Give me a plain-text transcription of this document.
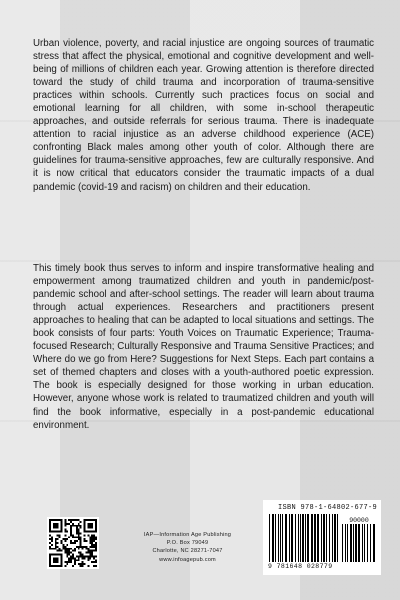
Urban violence, poverty, and racial injustice are ongoing sources of traumatic stress that affect the physical, emotional and cognitive development and well-being of millions of children each year. Growing attention is therefore directed toward the study of child trauma and incorporation of trauma-sensitive practices within schools. Currently such practices focus on social and emotional learning for all children, with some in-school therapeutic approaches, and outside referrals for serious trauma. There is inadequate attention to racial injustice as an adverse childhood experience (ACE) confronting Black males among other youth of color. Although there are guidelines for trauma-sensitive approaches, few are culturally responsive. And it is now critical that educators consider the traumatic impacts of a dual pandemic (covid-19 and racism) on children and their education.

This timely book thus serves to inform and inspire transformative healing and empowerment among traumatized children and youth in pandemic/post-pandemic school and after-school settings. The reader will learn about trauma through actual experiences. Researchers and practitioners present approaches to healing that can be adapted to local situations and settings. The book consists of four parts: Youth Voices on Traumatic Experience; Trauma-focused Research; Culturally Responsive and Trauma Sensitive Practices; and Where do we go from Here? Suggestions for Next Steps. Each part contains a set of themed chapters and closes with a youth-authored poetic expression. The book is especially designed for those working in urban education. However, anyone whose work is related to traumatized children and youth will find the book informative, especially in a post-pandemic educational environment.

IAP—Information Age Publishing
P.O. Box 79049
Charlotte, NC 28271-7047
www.infoagepub.com
ISBN 978-1-64802-677-9
90000
9 781648 028779
